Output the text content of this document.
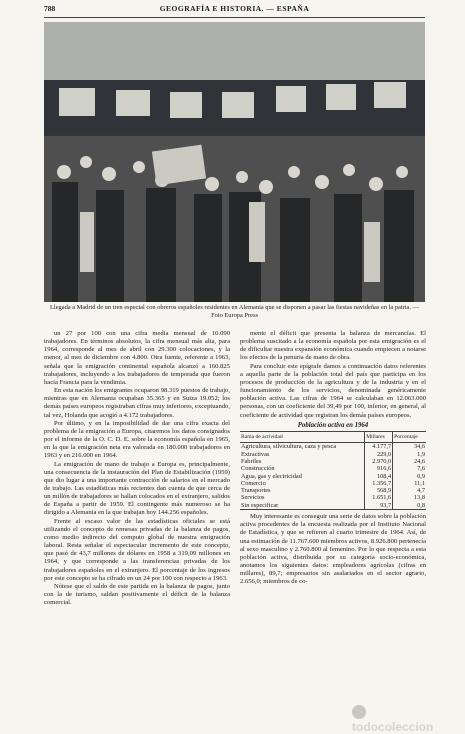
788	GEOGRAFÍA E HISTORIA. — ESPAÑA
Llegada a Madrid de un tren especial con obreros españoles residentes en Alemania que se disponen a pasar las fiestas navideñas en la patria. — Foto Europa Press

un 27 por 100 con una cifra media mensual de 10.090 trabajadores. En términos absolutos, la cifra mensual más alta, para 1964, corresponde al mes de abril con 29.300 colocaciones, y la menor, al mes de diciembre con 4.800. Otra fuente, referente a 1963, señala que la emigración continental española alcanzó a 160.825 trabajadores, incluyendo a los trabajadores de temporada que fueron hacia Francia para la vendimia.

En esta nación los emigrantes ocuparon 98.319 puestos de trabajo, mientras que en Alemania ocupaban 35.365 y en Suiza 19.052; los demás países europeos registraban cifras muy inferiores, exceptuando, tal vez, Holanda que acogió a 4.172 trabajadores.

Por último, y en la imposibilidad de dar una cifra exacta del problema de la emigración a Europa, citaremos los datos consignados por el informe de la O. C. D. E. sobre la economía española en 1965, en la que la emigración neta era valorada en 180.000 trabajadores en 1963 y en 216.000 en 1964.

La emigración de mano de trabajo a Europa es, principalmente, una consecuencia de la instauración del Plan de Estabilización (1959) que dio lugar a una importante contracción de salarios en el mercado de trabajo. Las estadísticas más recientes dan cuenta de que cerca de un millón de trabajadores se hallan colocados en el extranjero, salidos de España a partir de 1959. El contingente más numeroso se ha dirigido a Alemania en la que trabajan hoy 144.256 españoles.

Frente al escaso valor de las estadísticas oficiales se está utilizando el concepto de remesas privadas de la balanza de pagos, como medio indirecto del computo global de nuestra emigración laboral. Resta señalar el espectacular incremento de este concepto, que pasó de 43,7 millones de dólares en 1958 a 319,09 millones en 1964, y que corresponde a las transferencias privadas de los trabajadores españoles en el extranjero. El porcentaje de los ingresos por este concepto se ha cifrado en un 24 por 100 con respecto a 1963.

Nótese que el saldo de este partida en la balanza de pagos, junto con la de turismo, saldan positivamente el déficit de la balanza comercial.

mente el déficit que presenta la balanza de mercancías. El problema suscitado a la economía española por esta emigración es el de dificultar nuestra expansión económica cuando empiecen a notarse los efectos de la penuria de mano de obra.

Para concluir este epígrafe damos a continuación datos referentes a aquella parte de la población total del país que participa en los procesos de producción de la agricultura y de la industria y en el funcionamiento de los servicios, denominada genéricamente población activa. Las cifras de 1964 se calculaban en 12.063.000 personas, con un coeficiente del 39,49 por 100, inferior, en general, al coeficiente de actividad que registran los demás países europeos.

Población activa en 1964
Rama de actividad	Millares	Porcentaje
Agricultura, silvicultura, caza y pesca	4.177,7	34,6
Extractivas	229,0	1,9
Fabriles	2.970,0	24,6
Construcción	916,6	7,6
Agua, gas y electricidad	108,4	0,9
Comercio	1.356,7	11,1
Transportes	568,9	4,7
Servicios	1.651,6	13,8
Sin especificar	93,7	0,8

Muy interesante es conseguir una serie de datos sobre la población activa procedentes de la encuesta realizada por el Instituto Nacional de Estadística, y que se refieren al cuarto trimestre de 1964. Así, de una estimación de 11.767.600 miembros activos, 8.926.800 pertenecía al sexo masculino y 2.760.800 al femenino. Por lo que respecta a esta población activa, distribuida por su categoría socio-económica, anotamos los siguientes datos: empleadores agrícolas (cifras en millares), 89,7; empresarios sin asalariados en el sector agrario, 2.656,0; miembros de co-

todocoleccion
